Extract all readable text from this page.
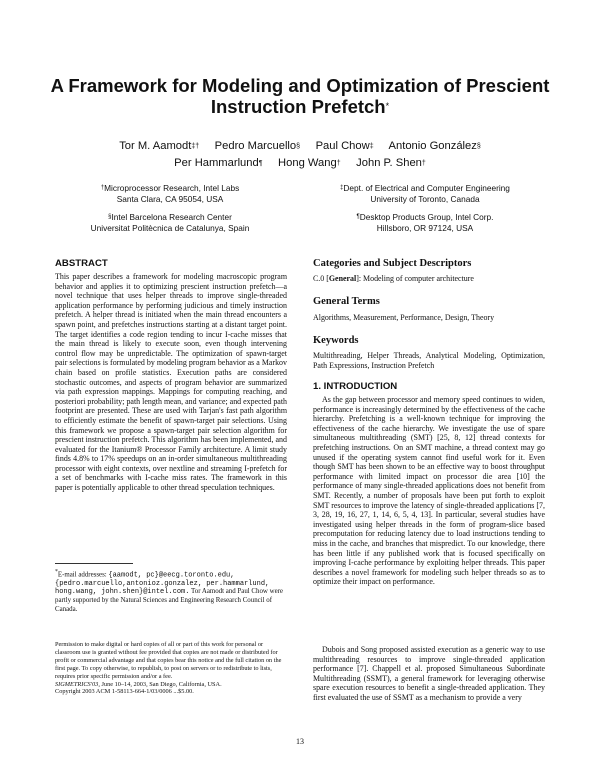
A Framework for Modeling and Optimization of Prescient
Instruction Prefetch*
Tor M. Aamodt‡† Pedro Marcuello§ Paul Chow‡ Antonio González§
Per Hammarlund¶ Hong Wang† John P. Shen†
†Microprocessor Research, Intel Labs
Santa Clara, CA 95054, USA
‡Dept. of Electrical and Computer Engineering
University of Toronto, Canada
§Intel Barcelona Research Center
Universitat Politècnica de Catalunya, Spain
¶Desktop Products Group, Intel Corp.
Hillsboro, OR 97124, USA
ABSTRACT

This paper describes a framework for modeling macroscopic program behavior and applies it to optimizing prescient instruction prefetch—a novel technique that uses helper threads to improve single-threaded application performance by performing judicious and timely instruction prefetch. A helper thread is initiated when the main thread encounters a spawn point, and prefetches instructions starting at a distant target point. The target identifies a code region tending to incur I-cache misses that the main thread is likely to execute soon, even though intervening control flow may be unpredictable. The optimization of spawn-target pair selections is formulated by modeling program behavior as a Markov chain based on profile statistics. Execution paths are considered stochastic outcomes, and aspects of program behavior are summarized via path expression mappings. Mappings for computing reaching, and posteriori probability; path length mean, and variance; and expected path footprint are presented. These are used with Tarjan's fast path algorithm to efficiently estimate the benefit of spawn-target pair selections. Using this framework we propose a spawn-target pair selection algorithm for prescient instruction prefetch. This algorithm has been implemented, and evaluated for the Itanium® Processor Family architecture. A limit study finds 4.8% to 17% speedups on an in-order simultaneous multithreading processor with eight contexts, over nextline and streaming I-prefetch for a set of benchmarks with I-cache miss rates. The framework in this paper is potentially applicable to other thread speculation techniques.

*E-mail addresses: {aamodt, pc}@eecg.toronto.edu, {pedro.marcuello,antonioz.gonzalez, per.hammarlund, hong.wang, john.shen}@intel.com. Tor Aamodt and Paul Chow were partly supported by the Natural Sciences and Engineering Research Council of Canada.

Permission to make digital or hard copies of all or part of this work for personal or classroom use is granted without fee provided that copies are not made or distributed for profit or commercial advantage and that copies bear this notice and the full citation on the first page. To copy otherwise, to republish, to post on servers or to redistribute to lists, requires prior specific permission and/or a fee.
SIGMETRICS'03, June 10–14, 2003, San Diego, California, USA.
Copyright 2003 ACM 1-58113-664-1/03/0006 ...$5.00.

Categories and Subject Descriptors

C.0 [General]: Modeling of computer architecture

General Terms

Algorithms, Measurement, Performance, Design, Theory

Keywords

Multithreading, Helper Threads, Analytical Modeling, Optimization, Path Expressions, Instruction Prefetch

1. INTRODUCTION

As the gap between processor and memory speed continues to widen, performance is increasingly determined by the effectiveness of the cache hierarchy. Prefetching is a well-known technique for improving the effectiveness of the cache hierarchy. We investigate the use of spare simultaneous multithreading (SMT) [25, 8, 12] thread contexts for prefetching instructions. On an SMT machine, a thread context may go unused if the operating system cannot find useful work for it. Even though SMT has been shown to be an effective way to boost throughput performance with limited impact on processor die area [10] the performance of many single-threaded applications does not benefit from SMT. Recently, a number of proposals have been put forth to exploit SMT resources to improve the latency of single-threaded applications [7, 3, 28, 19, 16, 27, 1, 14, 6, 5, 4, 13]. In particular, several studies have investigated using helper threads in the form of program-slice based precomputation for reducing latency due to load instructions tending to miss in the cache, and branches that mispredict. To our knowledge, there has been little if any published work that is focused specifically on improving I-cache performance by exploiting helper threads. This paper describes a novel framework for modeling such helper threads so as to optimize their impact on performance.

Dubois and Song proposed assisted execution as a generic way to use multithreading resources to improve single-threaded application performance [7]. Chappell et al. proposed Simultaneous Subordinate Multithreading (SSMT), a general framework for leveraging otherwise spare execution resources to benefit a single-threaded application. They first evaluated the use of SSMT as a mechanism to provide a very

13
